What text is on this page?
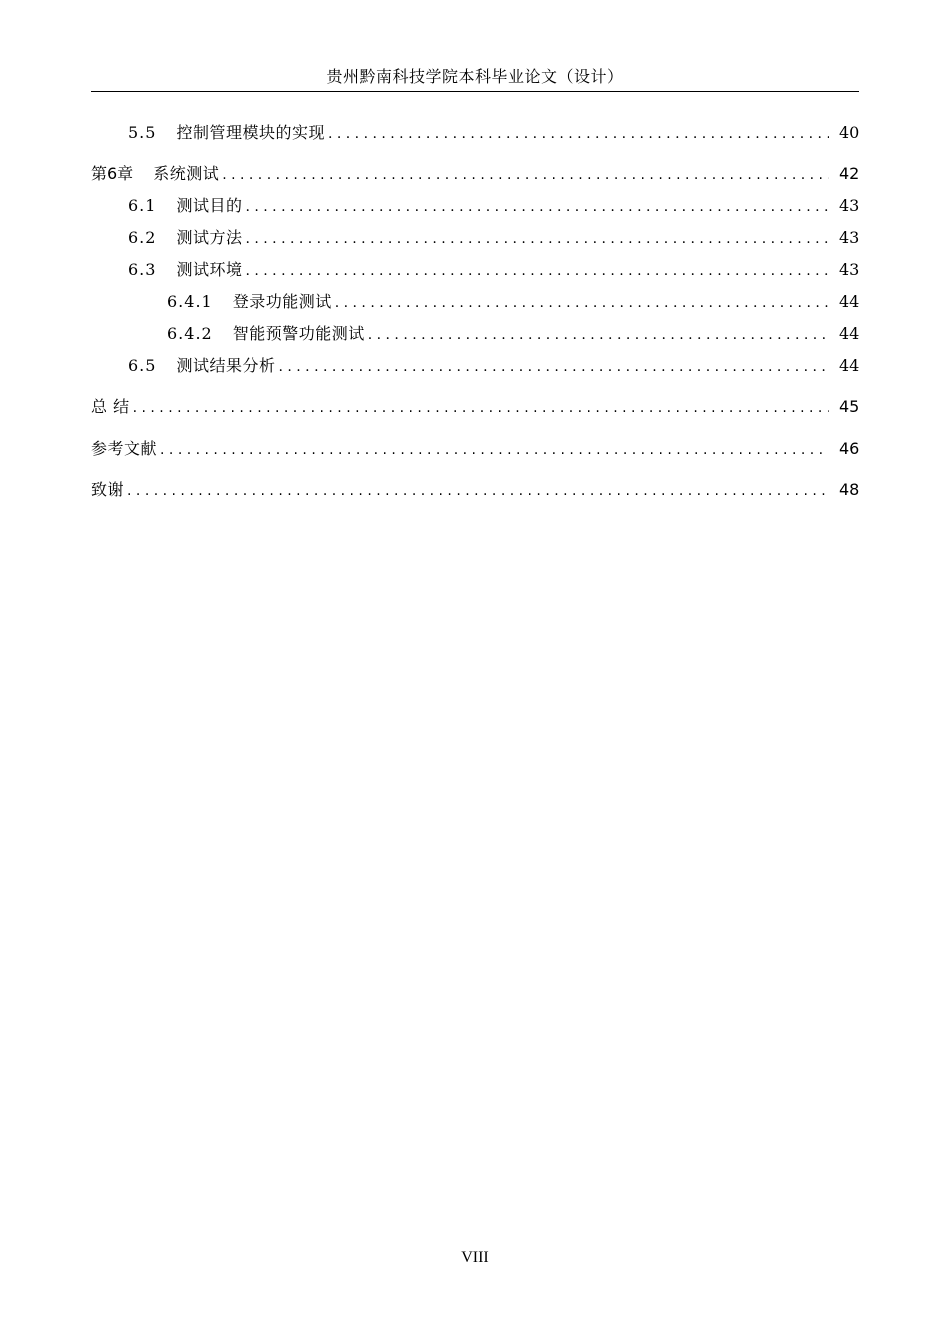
贵州黔南科技学院本科毕业论文（设计）
5.5 控制管理模块的实现 . . .	40
第6章 系统测试 . . .	42
6.1 测试目的 . . .	43
6.2 测试方法 . . .	43
6.3 测试环境 . . .	43
6.4.1 登录功能测试 . . .	44
6.4.2 智能预警功能测试 . . .	44
6.5 测试结果分析 . . .	44
总 结 . . .	45
参考文献 . . .	46
致谢 . . .	48
VIII
